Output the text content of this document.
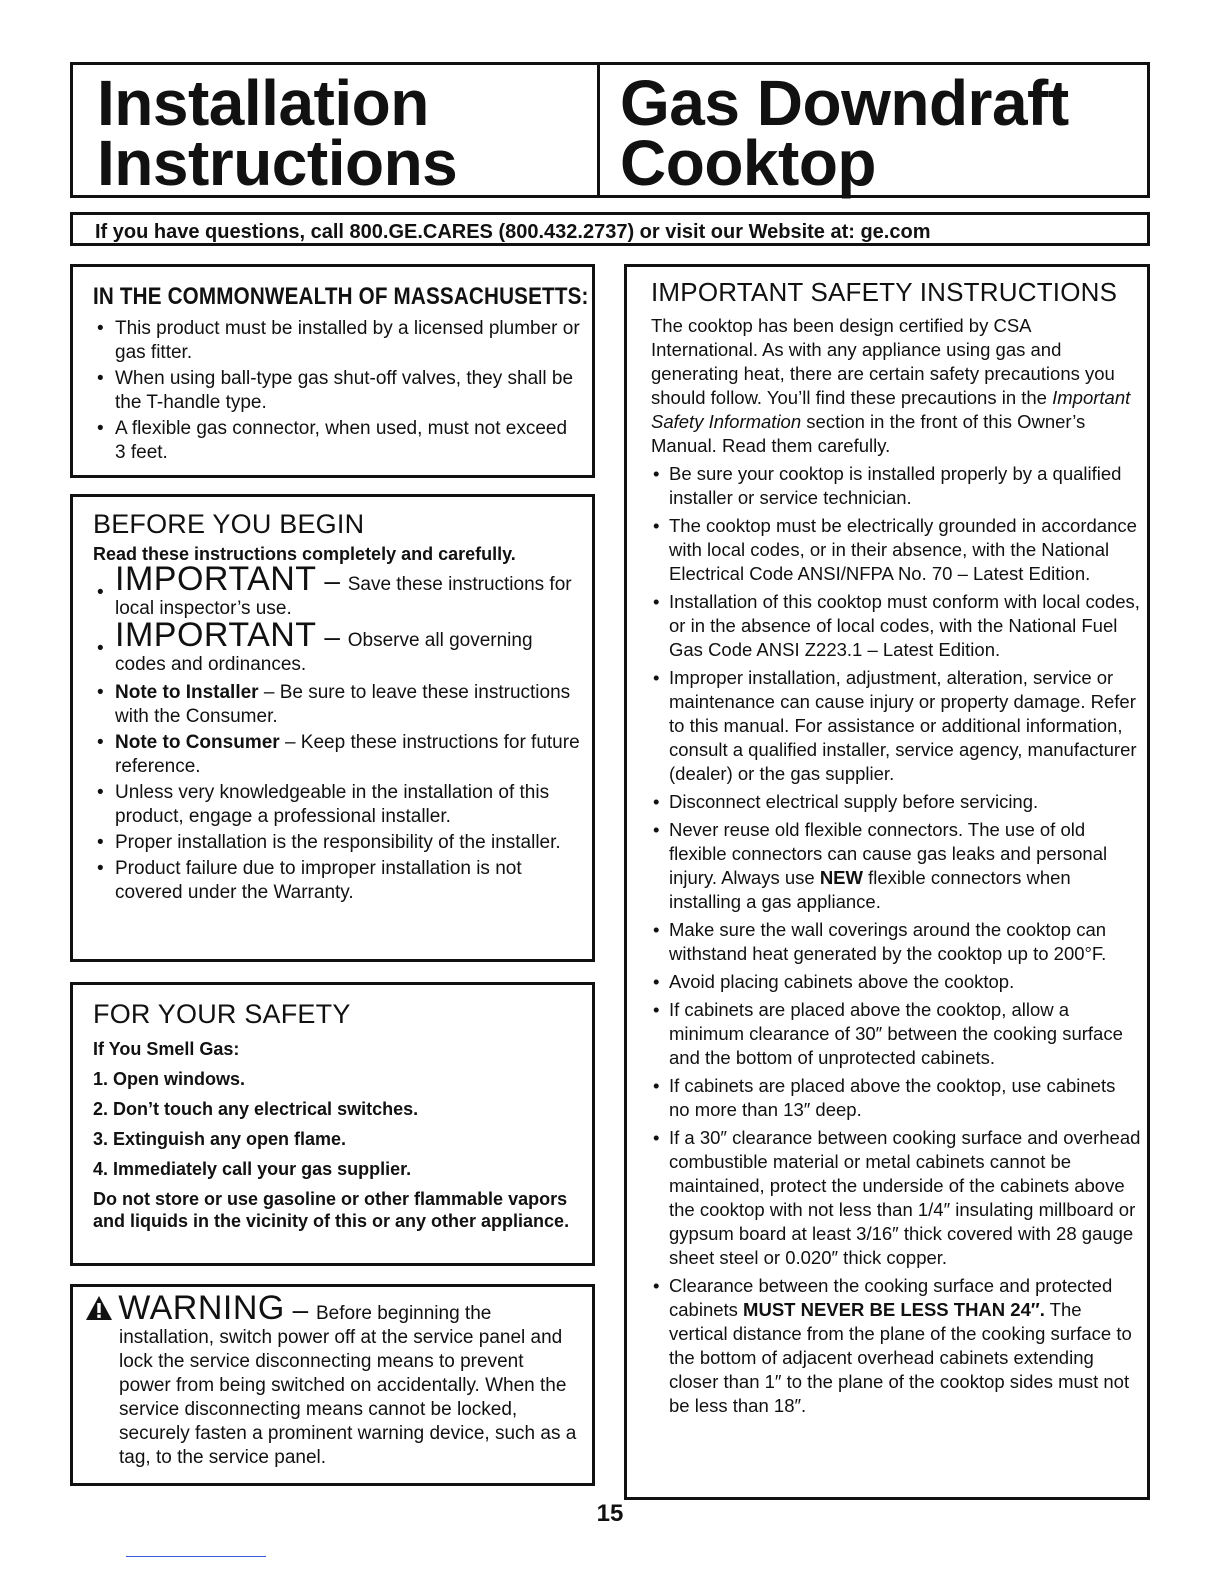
Installation
Instructions
Gas Downdraft
Cooktop
If you have questions, call 800.GE.CARES (800.432.2737) or visit our Website at: ge.com
IN THE COMMONWEALTH OF MASSACHUSETTS:
• This product must be installed by a licensed plumber or gas fitter.
• When using ball-type gas shut-off valves, they shall be the T-handle type.
• A flexible gas connector, when used, must not exceed 3 feet.
BEFORE YOU BEGIN
Read these instructions completely and carefully.
• IMPORTANT – Save these instructions for local inspector’s use.
• IMPORTANT – Observe all governing codes and ordinances.
• Note to Installer – Be sure to leave these instructions with the Consumer.
• Note to Consumer – Keep these instructions for future reference.
• Unless very knowledgeable in the installation of this product, engage a professional installer.
• Proper installation is the responsibility of the installer.
• Product failure due to improper installation is not covered under the Warranty.
FOR YOUR SAFETY
If You Smell Gas:
1. Open windows.
2. Don’t touch any electrical switches.
3. Extinguish any open flame.
4. Immediately call your gas supplier.
Do not store or use gasoline or other flammable vapors and liquids in the vicinity of this or any other appliance.
WARNING – Before beginning the
installation, switch power off at the service panel and lock the service disconnecting means to prevent power from being switched on accidentally. When the service disconnecting means cannot be locked, securely fasten a prominent warning device, such as a tag, to the service panel.
IMPORTANT SAFETY INSTRUCTIONS

The cooktop has been design certified by CSA International. As with any appliance using gas and generating heat, there are certain safety precautions you should follow. You’ll find these precautions in the Important Safety Information section in the front of this Owner’s Manual. Read them carefully.

• Be sure your cooktop is installed properly by a qualified installer or service technician.
• The cooktop must be electrically grounded in accordance with local codes, or in their absence, with the National Electrical Code ANSI/NFPA No. 70 – Latest Edition.
• Installation of this cooktop must conform with local codes, or in the absence of local codes, with the National Fuel Gas Code ANSI Z223.1 – Latest Edition.
• Improper installation, adjustment, alteration, service or maintenance can cause injury or property damage. Refer to this manual. For assistance or additional information, consult a qualified installer, service agency, manufacturer (dealer) or the gas supplier.
• Disconnect electrical supply before servicing.
• Never reuse old flexible connectors. The use of old flexible connectors can cause gas leaks and personal injury. Always use NEW flexible connectors when installing a gas appliance.
• Make sure the wall coverings around the cooktop can withstand heat generated by the cooktop up to 200°F.
• Avoid placing cabinets above the cooktop.
• If cabinets are placed above the cooktop, allow a minimum clearance of 30″ between the cooking surface and the bottom of unprotected cabinets.
• If cabinets are placed above the cooktop, use cabinets no more than 13″ deep.
• If a 30″ clearance between cooking surface and overhead combustible material or metal cabinets cannot be maintained, protect the underside of the cabinets above the cooktop with not less than 1/4″ insulating millboard or gypsum board at least 3/16″ thick covered with 28 gauge sheet steel or 0.020″ thick copper.
• Clearance between the cooking surface and protected cabinets MUST NEVER BE LESS THAN 24″. The vertical distance from the plane of the cooking surface to the bottom of adjacent overhead cabinets extending closer than 1″ to the plane of the cooktop sides must not be less than 18″.
15
